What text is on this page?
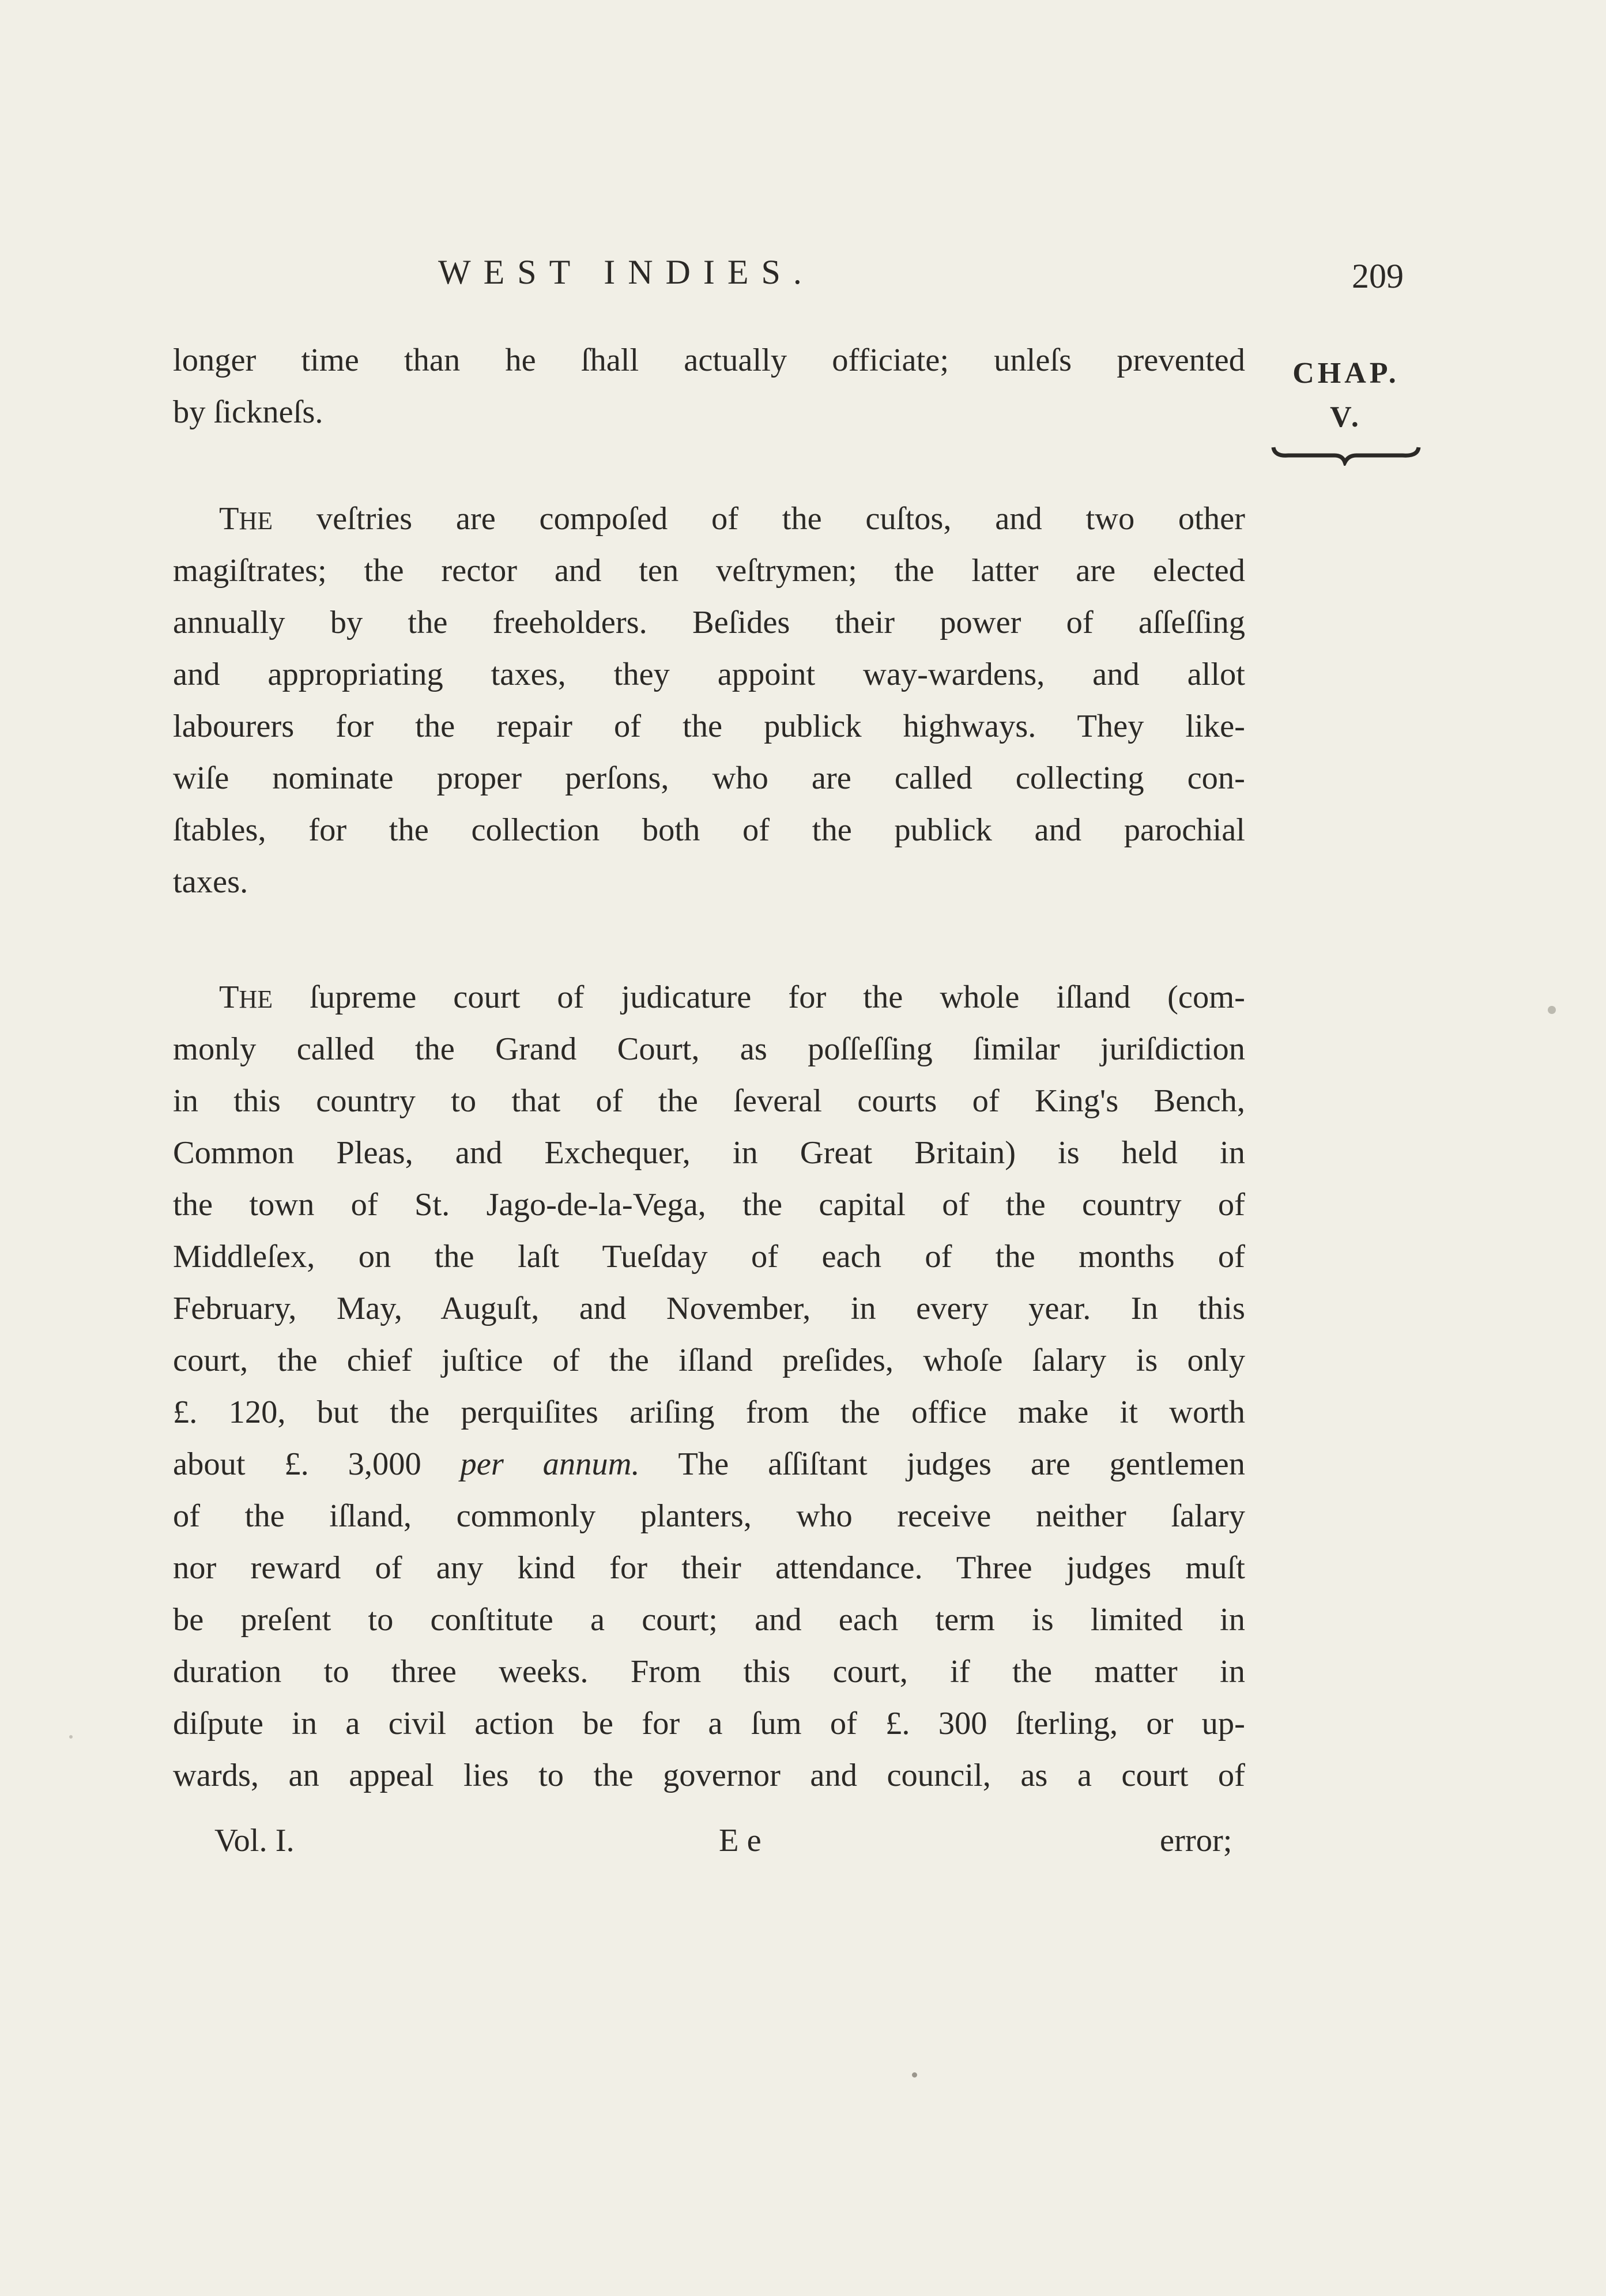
WEST INDIES.	209
CHAP.
V.
longer time than he ſhall actually officiate; unleſs prevented
by ſickneſs.
THE veſtries are compoſed of the cuſtos, and two other
magiſtrates; the rector and ten veſtrymen; the latter are elected
annually by the freeholders. Beſides their power of aſſeſſing
and appropriating taxes, they appoint way-wardens, and allot
labourers for the repair of the publick highways. They like-
wiſe nominate proper perſons, who are called collecting con-
ſtables, for the collection both of the publick and parochial
taxes.
THE ſupreme court of judicature for the whole iſland (com-
monly called the Grand Court, as poſſeſſing ſimilar juriſdiction
in this country to that of the ſeveral courts of King's Bench,
Common Pleas, and Exchequer, in Great Britain) is held in
the town of St. Jago-de-la-Vega, the capital of the country of
Middleſex, on the laſt Tueſday of each of the months of
February, May, Auguſt, and November, in every year. In this
court, the chief juſtice of the iſland preſides, whoſe ſalary is only
£. 120, but the perquiſites ariſing from the office make it worth
about £. 3,000 per annum. The aſſiſtant judges are gentlemen
of the iſland, commonly planters, who receive neither ſalary
nor reward of any kind for their attendance. Three judges muſt
be preſent to conſtitute a court; and each term is limited in
duration to three weeks. From this court, if the matter in
diſpute in a civil action be for a ſum of £. 300 ſterling, or up-
wards, an appeal lies to the governor and council, as a court of
Vol. I.	E e	error;
